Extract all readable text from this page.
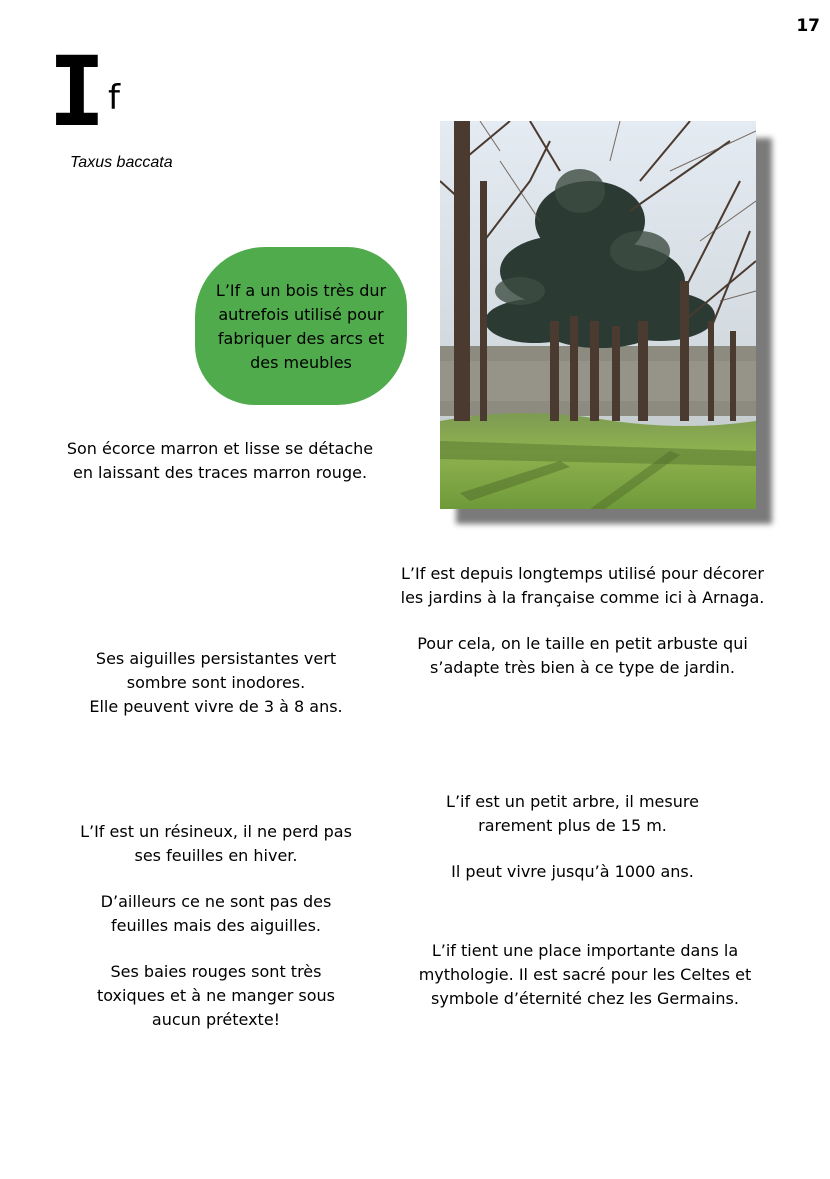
17
I f
Taxus baccata
L’If a un bois très dur autrefois utilisé pour fabriquer des arcs et des meubles

Son écorce marron et lisse se détache en laissant des traces marron rouge.

Ses aiguilles persistantes vert sombre sont inodores.

Elle peuvent vivre de 3 à 8 ans.

L’If est un résineux, il ne perd pas ses feuilles en hiver.

D’ailleurs ce ne sont pas des feuilles mais des aiguilles.

Ses baies rouges sont très toxiques et à ne manger sous aucun prétexte!

L’If est depuis longtemps utilisé pour décorer les jardins à la française comme ici à Arnaga.

Pour cela, on le taille en petit arbuste qui s’adapte très bien à ce type de jardin.

L’if est un petit arbre, il mesure rarement plus de 15 m.

Il peut vivre jusqu’à 1000 ans.

L’if tient une place importante dans la mythologie. Il est sacré pour les Celtes et symbole d’éternité chez les Germains.
